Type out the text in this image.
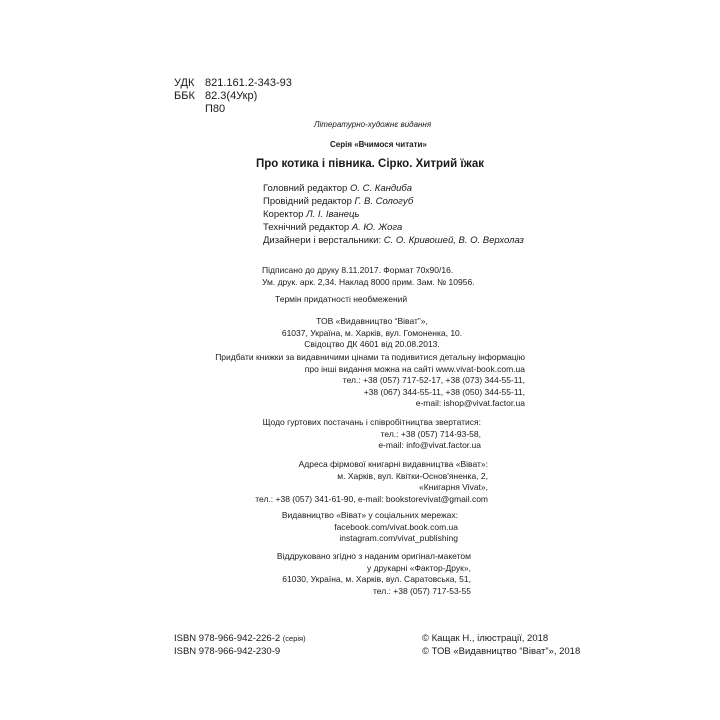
УДК 821.161.2-343-93
ББК 82.3(4Укр)
П80
Літературно-художнє видання
Серія «Вчимося читати»
Про котика і півника. Сірко. Хитрий їжак
Головний редактор О. С. Кандиба
Провідний редактор Г. В. Сологуб
Коректор Л. І. Іванець
Технічний редактор А. Ю. Жога
Дизайнери і верстальники: С. О. Кривошей, В. О. Верхолаз
Підписано до друку 8.11.2017. Формат 70х90/16.
Ум. друк. арк. 2,34. Наклад 8000 прим. Зам. № 10956.
Термін придатності необмежений
ТОВ «Видавництво “Віват”»,
61037, Україна, м. Харків, вул. Гомоненка, 10.
Свідоцтво ДК 4601 від 20.08.2013.
Придбати книжки за видавничими цінами та подивитися детальну інформацію
про інші видання можна на сайті www.vivat-book.com.ua
тел.: +38 (057) 717-52-17, +38 (073) 344-55-11,
+38 (067) 344-55-11, +38 (050) 344-55-11,
e-mail: ishop@vivat.factor.ua
Щодо гуртових постачань і співробітництва звертатися:
тел.: +38 (057) 714-93-58,
e-mail: info@vivat.factor.ua
Адреса фірмової книгарні видавництва «Віват»:
м. Харків, вул. Квітки-Основ'яненка, 2,
«Книгарня Vivat»,
тел.: +38 (057) 341-61-90, e-mail: bookstorevivat@gmail.com
Видавництво «Віват» у соціальних мережах:
facebook.com/vivat.book.com.ua
instagram.com/vivat_publishing
Віддруковано згідно з наданим оригінал-макетом
у друкарні «Фактор-Друк»,
61030, Україна, м. Харків, вул. Саратовська, 51,
тел.: +38 (057) 717-53-55
ISBN 978-966-942-226-2 (серія)
ISBN 978-966-942-230-9
© Кащак Н., ілюстрації, 2018
© ТОВ «Видавництво “Віват”», 2018
